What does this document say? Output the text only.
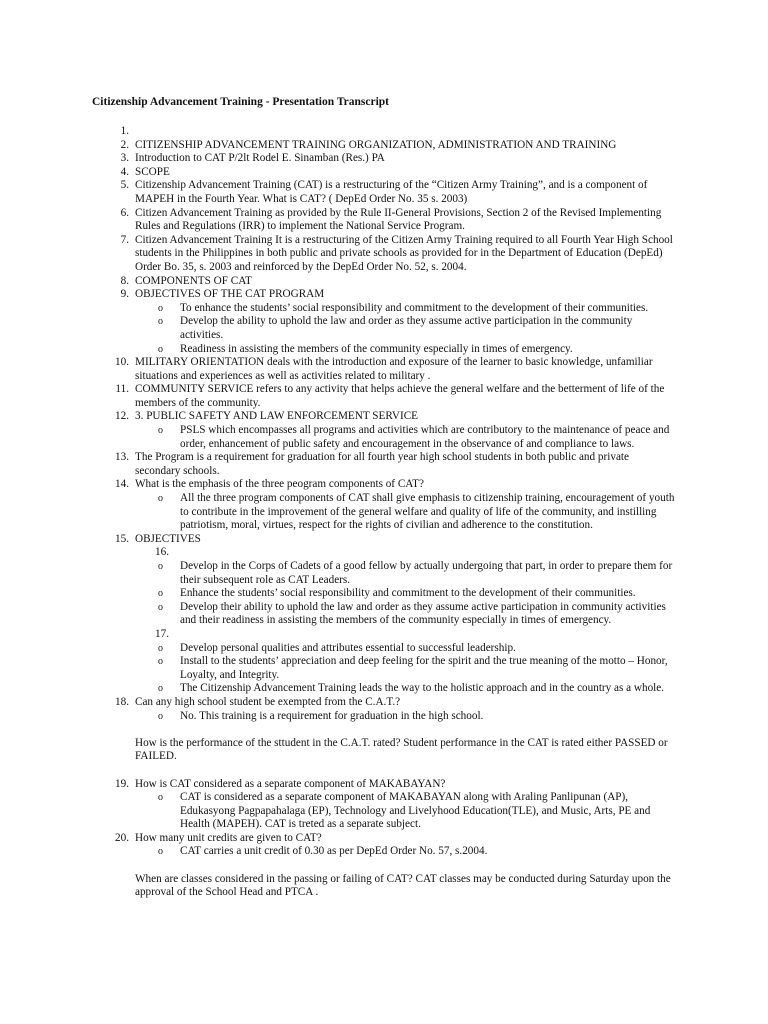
Citizenship Advancement Training - Presentation Transcript
1.

2. CITIZENSHIP ADVANCEMENT TRAINING ORGANIZATION, ADMINISTRATION AND TRAINING
3. Introduction to CAT P/2lt Rodel E. Sinamban (Res.) PA
4. SCOPE
5. Citizenship Advancement Training (CAT) is a restructuring of the “Citizen Army Training”, and is a component of MAPEH in the Fourth Year. What is CAT? ( DepEd Order No. 35 s. 2003)
6. Citizen Advancement Training as provided by the Rule II-General Provisions, Section 2 of the Revised Implementing Rules and Regulations (IRR) to implement the National Service Program.
7. Citizen Advancement Training It is a restructuring of the Citizen Army Training required to all Fourth Year High School students in the Philippines in both public and private schools as provided for in the Department of Education (DepEd) Order Bo. 35, s. 2003 and reinforced by the DepEd Order No. 52, s. 2004.
8. COMPONENTS OF CAT
9. OBJECTIVES OF THE CAT PROGRAM
o To enhance the students’ social responsibility and commitment to the development of their communities.
o Develop the ability to uphold the law and order as they assume active participation in the community activities.
o Readiness in assisting the members of the community especially in times of emergency.
10. MILITARY ORIENTATION deals with the introduction and exposure of the learner to basic knowledge, unfamiliar situations and experiences as well as activities related to military .
11. COMMUNITY SERVICE refers to any activity that helps achieve the general welfare and the betterment of life of the members of the community.
12. 3. PUBLIC SAFETY AND LAW ENFORCEMENT SERVICE
o PSLS which encompasses all programs and activities which are contributory to the maintenance of peace and order, enhancement of public safety and encouragement in the observance of and compliance to laws.
13. The Program is a requirement for graduation for all fourth year high school students in both public and private secondary schools.
14. What is the emphasis of the three peogram components of CAT?
o All the three program components of CAT shall give emphasis to citizenship training, encouragement of youth to contribute in the improvement of the general welfare and quality of life of the community, and instilling patriotism, moral, virtues, respect for the rights of civilian and adherence to the constitution.
15. OBJECTIVES
16.
o Develop in the Corps of Cadets of a good fellow by actually undergoing that part, in order to prepare them for their subsequent role as CAT Leaders.
o Enhance the students’ social responsibility and commitment to the development of their communities.
o Develop their ability to uphold the law and order as they assume active participation in community activities and their readiness in assisting the members of the community especially in times of emergency.
17.
o Develop personal qualities and attributes essential to successful leadership.
o Install to the students’ appreciation and deep feeling for the spirit and the true meaning of the motto – Honor, Loyalty, and Integrity.
o The Citizenship Advancement Training leads the way to the holistic approach and in the country as a whole.
18. Can any high school student be exempted from the C.A.T.?
o No. This training is a requirement for graduation in the high school.
How is the performance of the sttudent in the C.A.T. rated? Student performance in the CAT is rated either PASSED or FAILED.
19. How is CAT considered as a separate component of MAKABAYAN?
o CAT is considered as a separate component of MAKABAYAN along with Araling Panlipunan (AP), Edukasyong Pagpapahalaga (EP), Technology and Livelyhood Education(TLE), and Music, Arts, PE and Health (MAPEH). CAT is treted as a separate subject.
20. How many unit credits are given to CAT?
o CAT carries a unit credit of 0.30 as per DepEd Order No. 57, s.2004.
When are classes considered in the passing or failing of CAT? CAT classes may be conducted during Saturday upon the approval of the School Head and PTCA .
